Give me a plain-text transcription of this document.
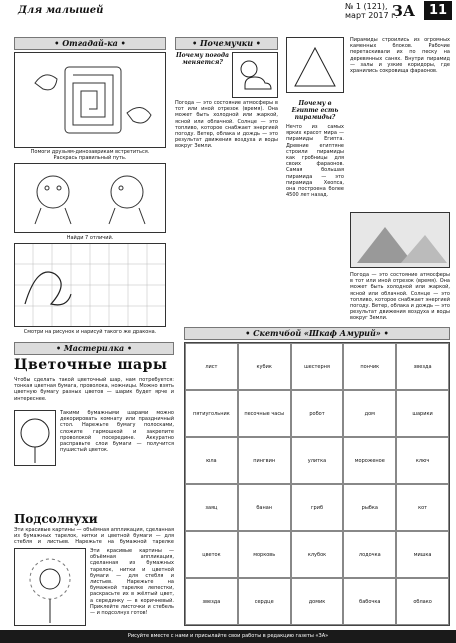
Для малышей	№ 1 (121),
март 2017 г.
ЗА	11
• Отгадай-ка •
Помоги друзьям-динозаврикам встретиться.
Раскрась правильный путь.
Найди 7 отличий.
Смотри на рисунок и нарисуй такого же дракона.
• Почемучки •
Почему погода меняется?
Погода — это состояние атмосферы в тот или иной отрезок (время). Она может быть холодной или жаркой, ясной или облачной. Солнце — это топливо, которое снабжает энергией погоду. Ветер, облака и дождь — это результат движения воздуха и воды вокруг Земли.
Почему в Египте есть пирамиды?
Нечто из самых ярких красот мира — пирамиды Египта. Древние египтяне строили пирамиды как гробницы для своих фараонов. Самая большая пирамида — это пирамида Хеопса, она построена более 4500 лет назад.
Пирамиды строились из огромных каменных блоков. Рабочие перетаскивали их по песку на деревянных санях. Внутри пирамид — залы и узкие коридоры, где хранились сокровища фараонов.
Погода — это состояние атмосферы в тот или иной отрезок (время). Она может быть холодной или жаркой, ясной или облачной. Солнце — это топливо, которое снабжает энергией погоду. Ветер, облака и дождь — это результат движения воздуха и воды вокруг Земли.
• Мастерилка •
Цветочные шары
Чтобы сделать такой цветочный шар, нам потребуется: тонкая цветная бумага, проволока, ножницы. Можно взять цветную бумагу разных цветов — шарик будет ярче и интереснее.
Такими бумажными шарами можно декорировать комнату или праздничный стол. Нарежьте бумагу полосками, сложите гармошкой и закрепите проволокой посередине. Аккуратно расправьте слои бумаги — получится пушистый цветок.
Подсолнухи
Эти красивые картины — объёмная аппликация, сделанная из бумажных тарелок, нитки и цветной бумаги — для стебля и листьев. Нарежьте на бумажной тарелке
Эти красивые картины — объёмная аппликация, сделанная из бумажных тарелок, нитки и цветной бумаги — для стебля и листьев. Нарежьте на бумажной тарелке лепестки, раскрасьте их в жёлтый цвет, а серединку — в коричневый. Приклейте листочки и стебель — и подсолнух готов!
• Скетчбой «Шкаф Амурий» •
лист	кубик	шестерня	пончик	звезда
пятиугольник	песочные часы	робот	дом	шарики
юла	пингвин	улитка	мороженое	ключ
заяц	банан	гриб	рыбка	кот
цветок	морковь	клубок	лодочка	мишка
звезда	сердце	домик	бабочка	облако
Рисуйте вместе с нами и присылайте свои работы в редакцию газеты «ЗА»
